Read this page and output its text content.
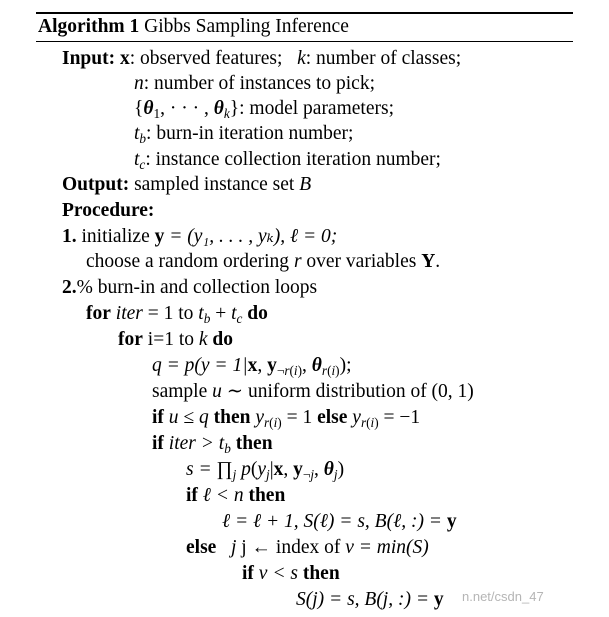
Algorithm 1 Gibbs Sampling Inference
Input: x: observed features; k: number of classes;
n: number of instances to pick;
{$\theta_1$, · · · , $\theta_k$}: model parameters;
$t_b$: burn-in iteration number;
$t_c$: instance collection iteration number;
Output: sampled instance set B
Procedure:
1. initialize y = (y₁, . . . , yₖ), ℓ = 0;
choose a random ordering r over variables Y.
2.% burn-in and collection loops
for iter = 1 to $t_b + t_c$ do
for i=1 to k do
q = p(y = 1|x, $y_{\neg r(i)}$, $\theta_{r(i)}$);
sample u ∼ uniform distribution of (0, 1)
if u ≤ q then $y_{r(i)} = 1$ else $y_{r(i)} = -1$
if iter > $t_b$ then
$s = \prod_j$ $p(y_j|x$, $y_{\neg j}$, $\theta_j$)
if ℓ < n then
ℓ = ℓ + 1, S(ℓ) = s, B(ℓ, :) = y
else j j ← index of v = min(S)
if v < s then
S(j) = s, B(j, :) = y n.net/csdn_47
